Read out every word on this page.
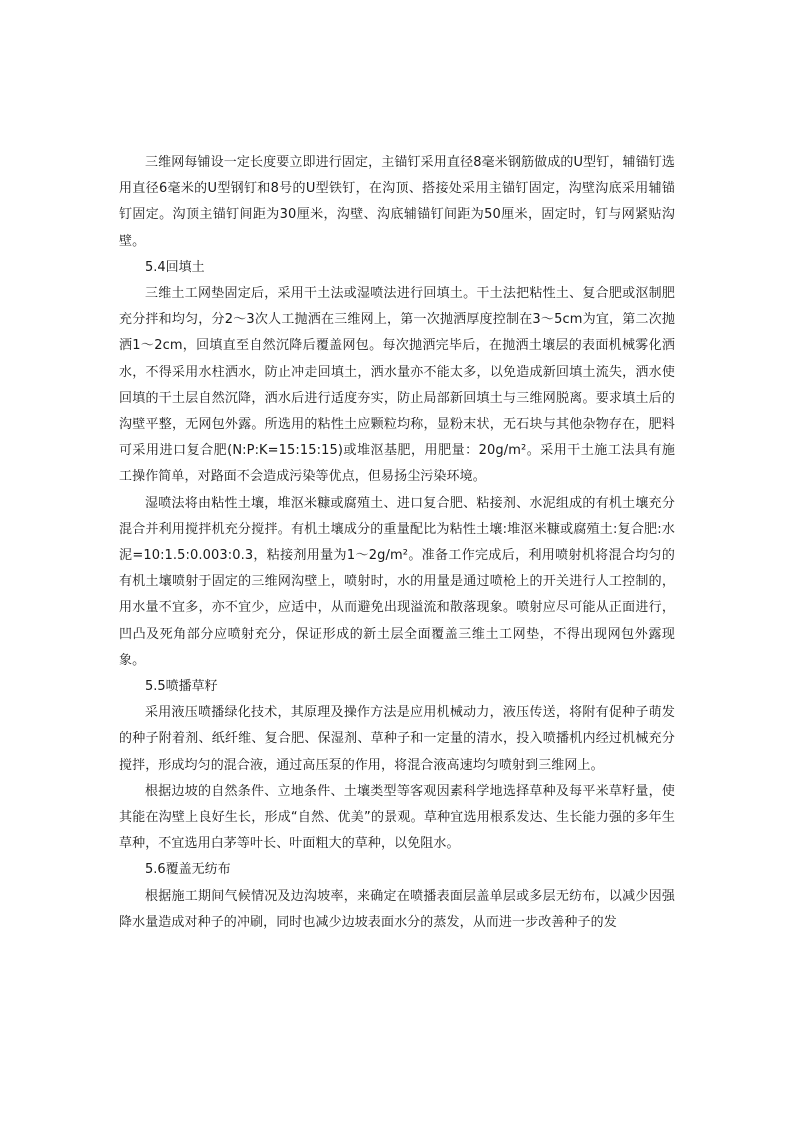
三维网每铺设一定长度要立即进行固定，主锚钉采用直径8毫米钢筋做成的U型钉，辅锚钉选用直径6毫米的U型钢钉和8号的U型铁钉，在沟顶、搭接处采用主锚钉固定，沟壁沟底采用辅锚钉固定。沟顶主锚钉间距为30厘米，沟壁、沟底辅锚钉间距为50厘米，固定时，钉与网紧贴沟壁。

5.4回填土

三维土工网垫固定后，采用干土法或湿喷法进行回填土。干土法把粘性土、复合肥或沤制肥充分拌和均匀，分2～3次人工抛洒在三维网上，第一次抛洒厚度控制在3～5cm为宜，第二次抛洒1～2cm，回填直至自然沉降后覆盖网包。每次抛洒完毕后，在抛洒土壤层的表面机械雾化洒水，不得采用水柱洒水，防止冲走回填土，洒水量亦不能太多，以免造成新回填土流失，洒水使回填的干土层自然沉降，洒水后进行适度夯实，防止局部新回填土与三维网脱离。要求填土后的沟壁平整，无网包外露。所选用的粘性土应颗粒均称，显粉末状，无石块与其他杂物存在，肥料可采用进口复合肥(N:P:K=15:15:15)或堆沤基肥，用肥量：20g/m²。采用干土施工法具有施工操作简单，对路面不会造成污染等优点，但易扬尘污染环境。

湿喷法将由粘性土壤，堆沤米糠或腐殖土、进口复合肥、粘接剂、水泥组成的有机土壤充分混合并利用搅拌机充分搅拌。有机土壤成分的重量配比为粘性土壤:堆沤米糠或腐殖土:复合肥:水泥=10:1.5:0.003:0.3，粘接剂用量为1～2g/m²。准备工作完成后，利用喷射机将混合均匀的有机土壤喷射于固定的三维网沟壁上，喷射时，水的用量是通过喷枪上的开关进行人工控制的，用水量不宜多，亦不宜少，应适中，从而避免出现溢流和散落现象。喷射应尽可能从正面进行，凹凸及死角部分应喷射充分，保证形成的新土层全面覆盖三维土工网垫，不得出现网包外露现象。

5.5喷播草籽

采用液压喷播绿化技术，其原理及操作方法是应用机械动力，液压传送，将附有促种子萌发的种子附着剂、纸纤维、复合肥、保湿剂、草种子和一定量的清水，投入喷播机内经过机械充分搅拌，形成均匀的混合液，通过高压泵的作用，将混合液高速均匀喷射到三维网上。

根据边坡的自然条件、立地条件、土壤类型等客观因素科学地选择草种及每平米草籽量，使其能在沟壁上良好生长，形成“自然、优美”的景观。草种宜选用根系发达、生长能力强的多年生草种，不宜选用白茅等叶长、叶面粗大的草种，以免阻水。

5.6覆盖无纺布

根据施工期间气候情况及边沟坡率，来确定在喷播表面层盖单层或多层无纺布，以减少因强降水量造成对种子的冲刷，同时也减少边坡表面水分的蒸发，从而进一步改善种子的发
